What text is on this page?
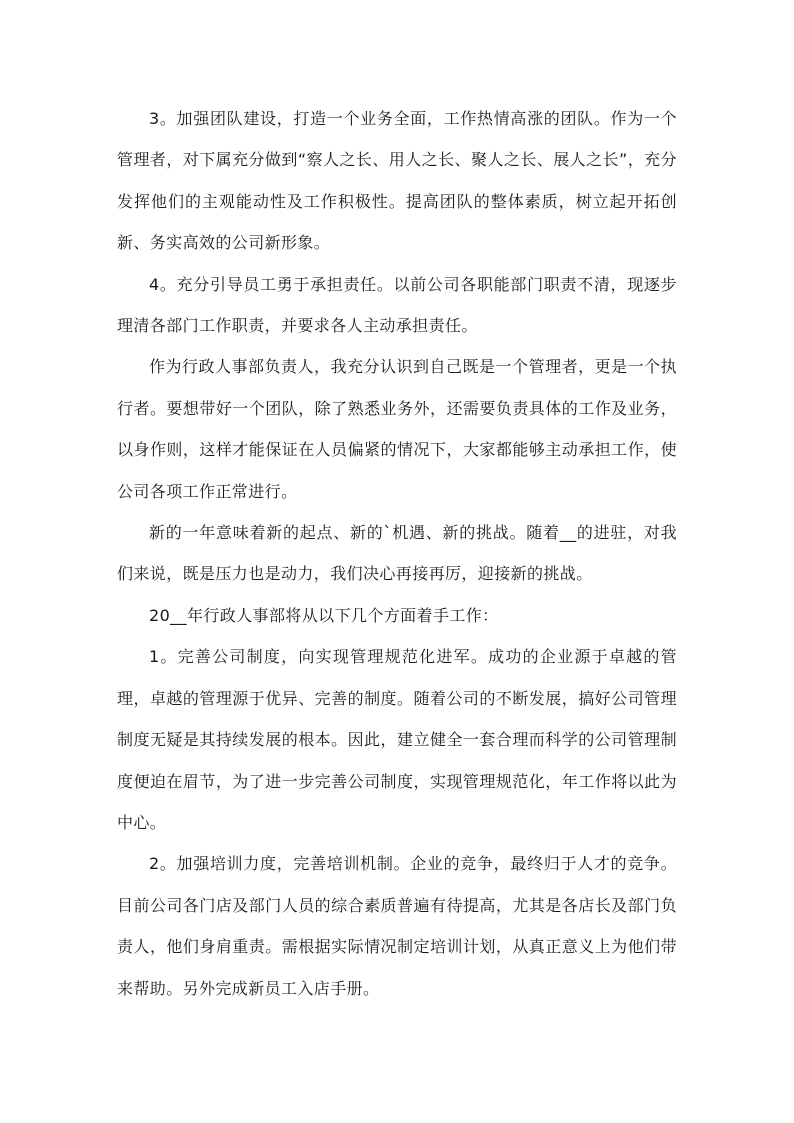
3。加强团队建设，打造一个业务全面，工作热情高涨的团队。作为一个管理者，对下属充分做到“察人之长、用人之长、聚人之长、展人之长”，充分发挥他们的主观能动性及工作积极性。提高团队的整体素质，树立起开拓创新、务实高效的公司新形象。

4。充分引导员工勇于承担责任。以前公司各职能部门职责不清，现逐步理清各部门工作职责，并要求各人主动承担责任。

作为行政人事部负责人，我充分认识到自己既是一个管理者，更是一个执行者。要想带好一个团队，除了熟悉业务外，还需要负责具体的工作及业务，以身作则，这样才能保证在人员偏紧的情况下，大家都能够主动承担工作，使公司各项工作正常进行。

新的一年意味着新的起点、新的`机遇、新的挑战。随着__的进驻，对我们来说，既是压力也是动力，我们决心再接再厉，迎接新的挑战。

20__年行政人事部将从以下几个方面着手工作：

1。完善公司制度，向实现管理规范化进军。成功的企业源于卓越的管理，卓越的管理源于优异、完善的制度。随着公司的不断发展，搞好公司管理制度无疑是其持续发展的根本。因此，建立健全一套合理而科学的公司管理制度便迫在眉节，为了进一步完善公司制度，实现管理规范化，年工作将以此为中心。

2。加强培训力度，完善培训机制。企业的竞争，最终归于人才的竞争。目前公司各门店及部门人员的综合素质普遍有待提高，尤其是各店长及部门负责人，他们身肩重责。需根据实际情况制定培训计划，从真正意义上为他们带来帮助。另外完成新员工入店手册。
